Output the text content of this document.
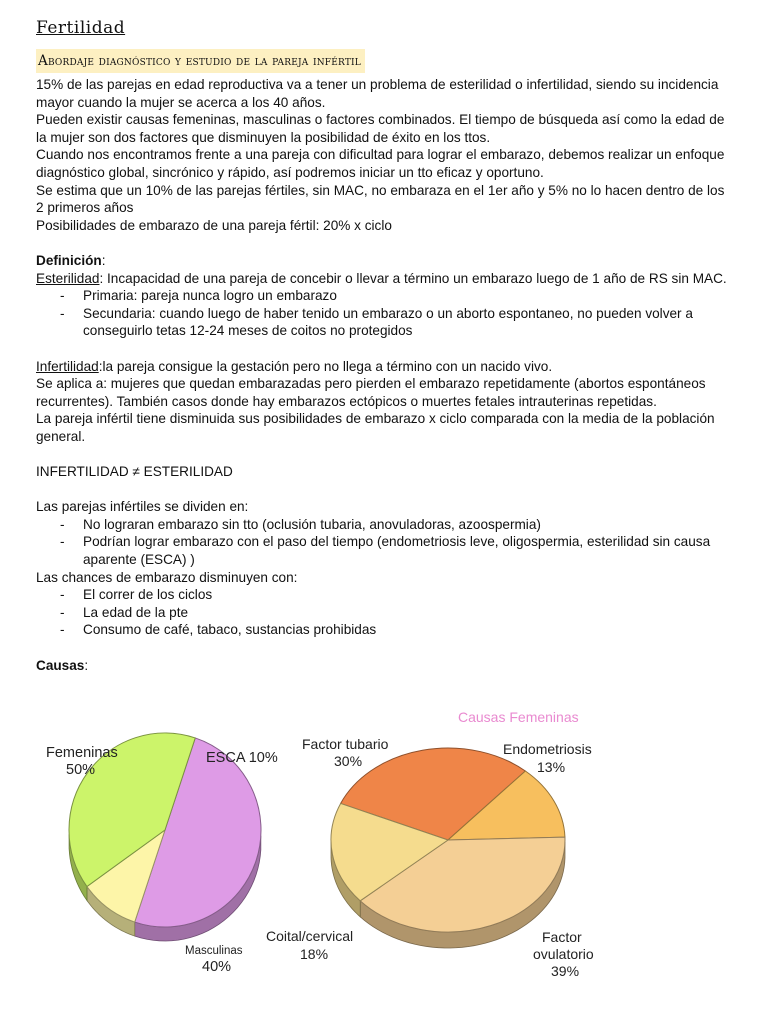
Fertilidad
Abordaje diagnóstico y estudio de la pareja infértil

15% de las parejas en edad reproductiva va a tener un problema de esterilidad o infertilidad, siendo su incidencia mayor cuando la mujer se acerca a los 40 años.

Pueden existir causas femeninas, masculinas o factores combinados. El tiempo de búsqueda así como la edad de la mujer son dos factores que disminuyen la posibilidad de éxito en los ttos.

Cuando nos encontramos frente a una pareja con dificultad para lograr el embarazo, debemos realizar un enfoque diagnóstico global, sincrónico y rápido, así podremos iniciar un tto eficaz y oportuno.

Se estima que un 10% de las parejas fértiles, sin MAC, no embaraza en el 1er año y 5% no lo hacen dentro de los 2 primeros años

Posibilidades de embarazo de una pareja fértil: 20% x ciclo

Definición:

Esterilidad: Incapacidad de una pareja de concebir o llevar a término un embarazo luego de 1 año de RS sin MAC.

- Primaria: pareja nunca logro un embarazo
- Secundaria: cuando luego de haber tenido un embarazo o un aborto espontaneo, no pueden volver a conseguirlo tetas 12-24 meses de coitos no protegidos

Infertilidad:la pareja consigue la gestación pero no llega a término con un nacido vivo.

Se aplica a: mujeres que quedan embarazadas pero pierden el embarazo repetidamente (abortos espontáneos recurrentes). También casos donde hay embarazos ectópicos o muertes fetales intrauterinas repetidas.

La pareja infértil tiene disminuida sus posibilidades de embarazo x ciclo comparada con la media de la población general.

INFERTILIDAD ≠ ESTERILIDAD

Las parejas infértiles se dividen en:

- No lograran embarazo sin tto (oclusión tubaria, anovuladoras, azoospermia)
- Podrían lograr embarazo con el paso del tiempo (endometriosis leve, oligospermia, esterilidad sin causa aparente (ESCA) )

Las chances de embarazo disminuyen con:

- El correr de los ciclos
- La edad de la pte
- Consumo de café, tabaco, sustancias prohibidas

Causas:

Femeninas
50%
ESCA 10%
Masculinas
40%
Causas Femeninas
Factor tubario
30%
Endometriosis
13%
Coital/cervical
18%
Factor
ovulatorio
39%
